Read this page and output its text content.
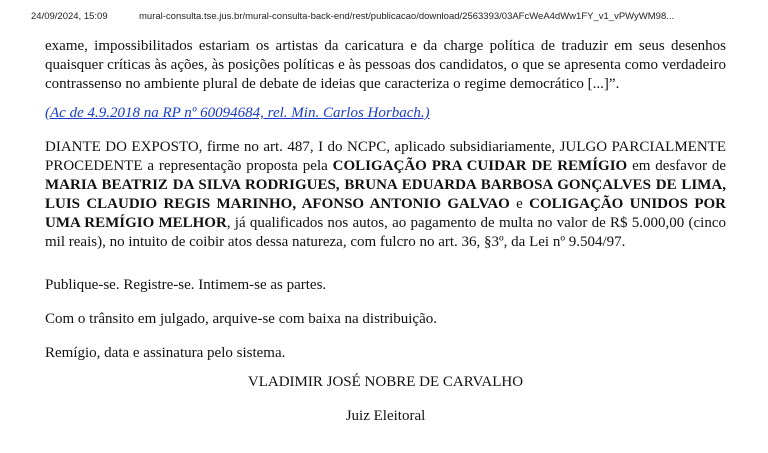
24/09/2024, 15:09	mural-consulta.tse.jus.br/mural-consulta-back-end/rest/publicacao/download/2563393/03AFcWeA4dWw1FY_v1_vPWyWM98...

exame, impossibilitados estariam os artistas da caricatura e da charge política de traduzir em seus desenhos quaisquer críticas às ações, às posições políticas e às pessoas dos candidatos, o que se apresenta como verdadeiro contrassenso no ambiente plural de debate de ideias que caracteriza o regime democrático [...]”.

(Ac de 4.9.2018 na RP nº 60094684, rel. Min. Carlos Horbach.)

DIANTE DO EXPOSTO, firme no art. 487, I do NCPC, aplicado subsidiariamente, JULGO PARCIALMENTE PROCEDENTE a representação proposta pela COLIGAÇÃO PRA CUIDAR DE REMÍGIO em desfavor de MARIA BEATRIZ DA SILVA RODRIGUES, BRUNA EDUARDA BARBOSA GONÇALVES DE LIMA, LUIS CLAUDIO REGIS MARINHO, AFONSO ANTONIO GALVAO e COLIGAÇÃO UNIDOS POR UMA REMÍGIO MELHOR, já qualificados nos autos, ao pagamento de multa no valor de R$ 5.000,00 (cinco mil reais), no intuito de coibir atos dessa natureza, com fulcro no art. 36, §3º, da Lei nº 9.504/97.

Publique-se. Registre-se. Intimem-se as partes.

Com o trânsito em julgado, arquive-se com baixa na distribuição.

Remígio, data e assinatura pelo sistema.

VLADIMIR JOSÉ NOBRE DE CARVALHO

Juiz Eleitoral
